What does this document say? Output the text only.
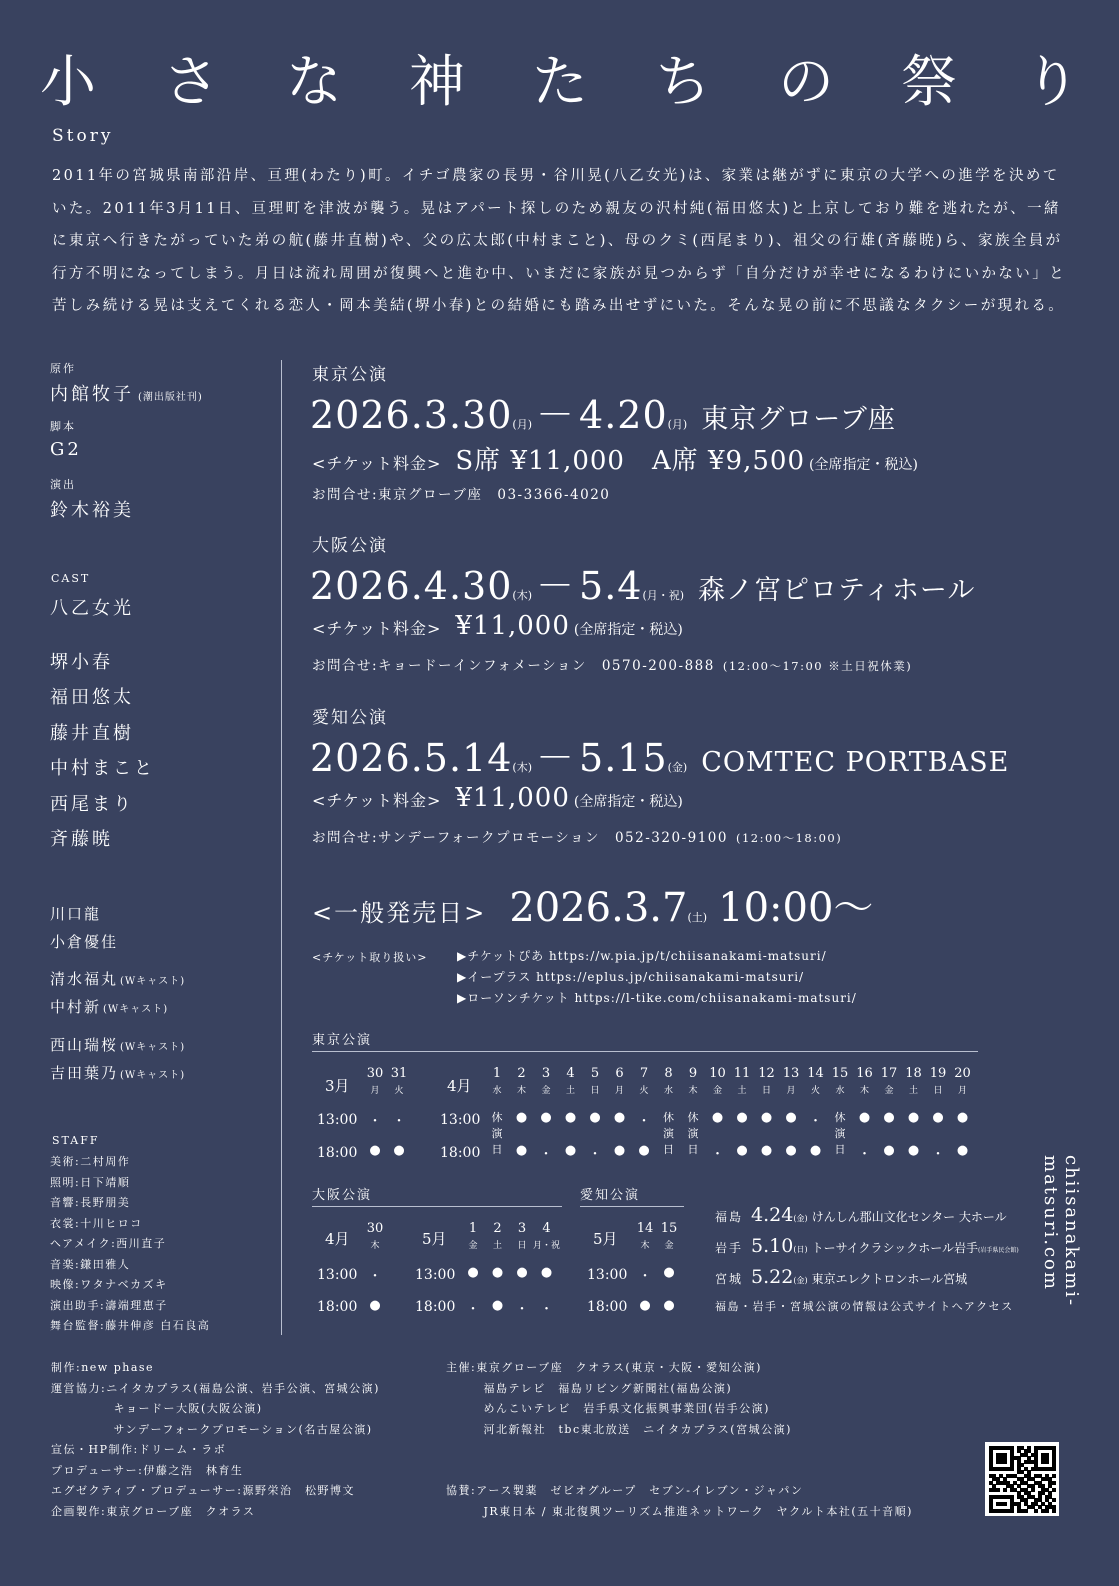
小 さ な 神 た ち の 祭 り
Story
2011年の宮城県南部沿岸、亘理(わたり)町。イチゴ農家の長男・谷川晃(八乙女光)は、家業は継がずに東京の大学への進学を決めていた。2011年3月11日、亘理町を津波が襲う。晃はアパート探しのため親友の沢村純(福田悠太)と上京しており難を逃れたが、一緒に東京へ行きたがっていた弟の航(藤井直樹)や、父の広太郎(中村まこと)、母のクミ(西尾まり)、祖父の行雄(斉藤暁)ら、家族全員が行方不明になってしまう。月日は流れ周囲が復興へと進む中、いまだに家族が見つからず「自分だけが幸せになるわけにいかない」と苦しみ続ける晃は支えてくれる恋人・岡本美結(堺小春)との結婚にも踏み出せずにいた。そんな晃の前に不思議なタクシーが現れる。
原作
内館牧子 (潮出版社刊)
脚本
G2
演出
鈴木裕美
CAST
八乙女光
堺小春
福田悠太
藤井直樹
中村まこと
西尾まり
斉藤暁
川口龍
小倉優佳
清水福丸 (Wキャスト)
中村新 (Wキャスト)
西山瑞桜 (Wキャスト)
吉田葉乃 (Wキャスト)
STAFF
美術:二村周作
照明:日下靖順
音響:長野朋美
衣裳:十川ヒロコ
ヘアメイク:西川直子
音楽:鎌田雅人
映像:ワタナベカズキ
演出助手:濤端理恵子
舞台監督:藤井伸彦 白石良高
東京公演
2026.3.30(月) － 4.20(月) 東京グローブ座
<チケット料金> S席 ¥11,000　A席 ¥9,500 (全席指定・税込)
お問合せ:東京グローブ座　03-3366-4020
大阪公演
2026.4.30(木) － 5.4(月・祝) 森ノ宮ピロティホール
<チケット料金> ¥11,000 (全席指定・税込)
お問合せ:キョードーインフォメーション　0570-200-888 (12:00～17:00 ※土日祝休業)
愛知公演
2026.5.14(木) － 5.15(金) COMTEC PORTBASE
<チケット料金> ¥11,000 (全席指定・税込)
お問合せ:サンデーフォークプロモーション　052-320-9100 (12:00～18:00)
<一般発売日> 2026.3.7(土) 10:00～
<チケット取り扱い> ▶チケットぴあ https://w.pia.jp/t/chiisanakami-matsuri/
▶イープラス https://eplus.jp/chiisanakami-matsuri/
▶ローソンチケット https://l-tike.com/chiisanakami-matsuri/
東京公演
3月	4月
13:00
18:00
13:00
18:00
30
月
・
●
31
火
・
●
1
水
休
演
日
2
木
●
●
3
金
●
・
4
土
●
●
5
日
●
・
6
月
●
●
7
火
・
●
8
水
休
演
日
9
木
休
演
日
10
金
●
・
11
土
●
●
12
日
●
●
13
月
●
●
14
火
・
●
15
水
休
演
日
16
木
●
・
17
金
●
●
18
土
●
●
19
日
●
・
20
月
●
●
大阪公演
4月	5月
13:00
18:00
13:00
18:00
30
木
・
●
1
金
●
・
2
土
●
●
3
日
●
・
4
月・祝
●
・
愛知公演
5月
13:00
18:00
14
木
・
●
15
金
●
●
福島 4.24(金) けんしん郡山文化センター 大ホール
岩手 5.10(日) トーサイクラシックホール岩手(岩手県民会館)
宮城 5.22(金) 東京エレクトロンホール宮城
福島・岩手・宮城公演の情報は公式サイトへアクセス
制作:new phase
運営協力:ニイタカプラス(福島公演、岩手公演、宮城公演)
　　　　　キョードー大阪(大阪公演)
　　　　　サンデーフォークプロモーション(名古屋公演)
宣伝・HP制作:ドリーム・ラボ
プロデューサー:伊藤之浩　林育生
エグゼクティブ・プロデューサー:源野栄治　松野博文
企画製作:東京グローブ座　クオラス
主催:東京グローブ座　クオラス(東京・大阪・愛知公演)
　　　福島テレビ　福島リビング新聞社(福島公演)
　　　めんこいテレビ　岩手県文化振興事業団(岩手公演)
　　　河北新報社　tbc東北放送　ニイタカプラス(宮城公演)
協賛:アース製薬　ゼビオグループ　セブン-イレブン・ジャパン
　　　JR東日本 / 東北復興ツーリズム推進ネットワーク　ヤクルト本社(五十音順)
chiisanakami-matsuri.com
